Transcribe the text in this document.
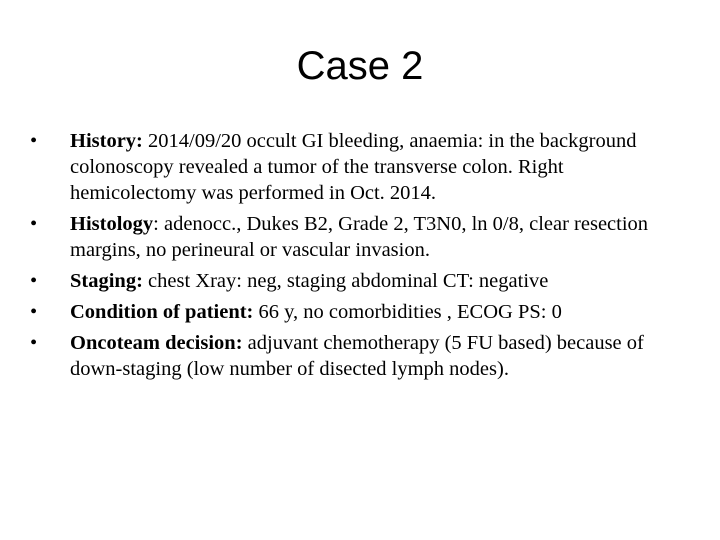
Case 2
•	History: 2014/09/20 occult GI bleeding, anaemia: in the background colonoscopy revealed a tumor of the transverse colon. Right hemicolectomy was performed in Oct. 2014.
•	Histology: adenocc., Dukes B2, Grade 2, T3N0, ln 0/8, clear resection margins, no perineural or vascular invasion.
•	Staging: chest Xray: neg, staging abdominal CT: negative
•	Condition of patient: 66 y, no comorbidities , ECOG PS: 0
•	Oncoteam decision: adjuvant chemotherapy (5 FU based) because of down-staging (low number of disected lymph nodes).
